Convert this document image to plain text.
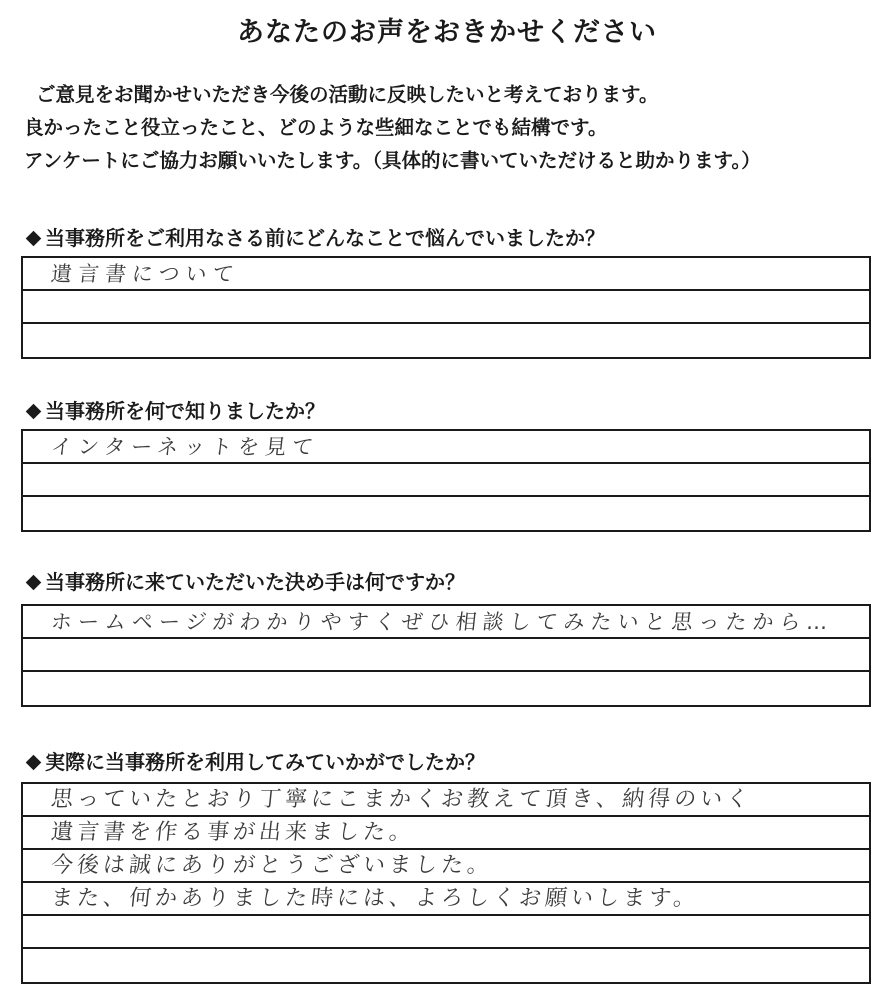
あなたのお声をおきかせください
ご意見をお聞かせいただき今後の活動に反映したいと考えております。
良かったこと役立ったこと、どのような些細なことでも結構です。
アンケートにご協力お願いいたします。（具体的に書いていただけると助かります。）
当事務所をご利用なさる前にどんなことで悩んでいましたか？
遺言書について
当事務所を何で知りましたか？
インターネットを見て
当事務所に来ていただいた決め手は何ですか？
ホームページがわかりやすくぜひ相談してみたいと思ったから…
実際に当事務所を利用してみていかがでしたか？
思っていたとおり丁寧にこまかくお教えて頂き、納得のいく
遺言書を作る事が出来ました。
今後は誠にありがとうございました。
また、何かありました時には、よろしくお願いします。
